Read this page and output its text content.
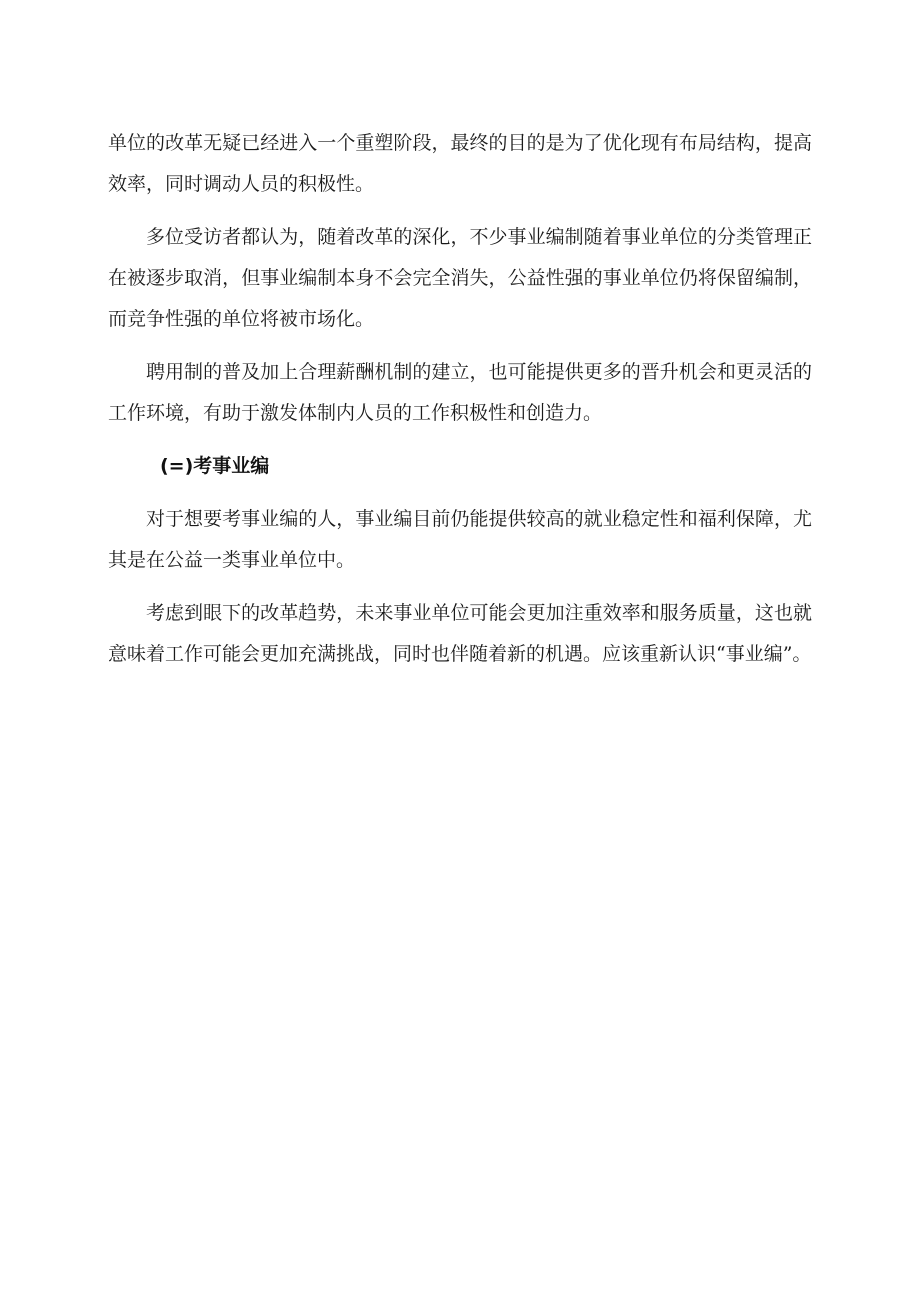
单位的改革无疑已经进入一个重塑阶段，最终的目的是为了优化现有布局结构，提高效率，同时调动人员的积极性。

多位受访者都认为，随着改革的深化，不少事业编制随着事业单位的分类管理正在被逐步取消，但事业编制本身不会完全消失，公益性强的事业单位仍将保留编制，而竞争性强的单位将被市场化。

聘用制的普及加上合理薪酬机制的建立，也可能提供更多的晋升机会和更灵活的工作环境，有助于激发体制内人员的工作积极性和创造力。

(=)考事业编

对于想要考事业编的人，事业编目前仍能提供较高的就业稳定性和福利保障，尤其是在公益一类事业单位中。

考虑到眼下的改革趋势，未来事业单位可能会更加注重效率和服务质量，这也就意味着工作可能会更加充满挑战，同时也伴随着新的机遇。应该重新认识“事业编”。
